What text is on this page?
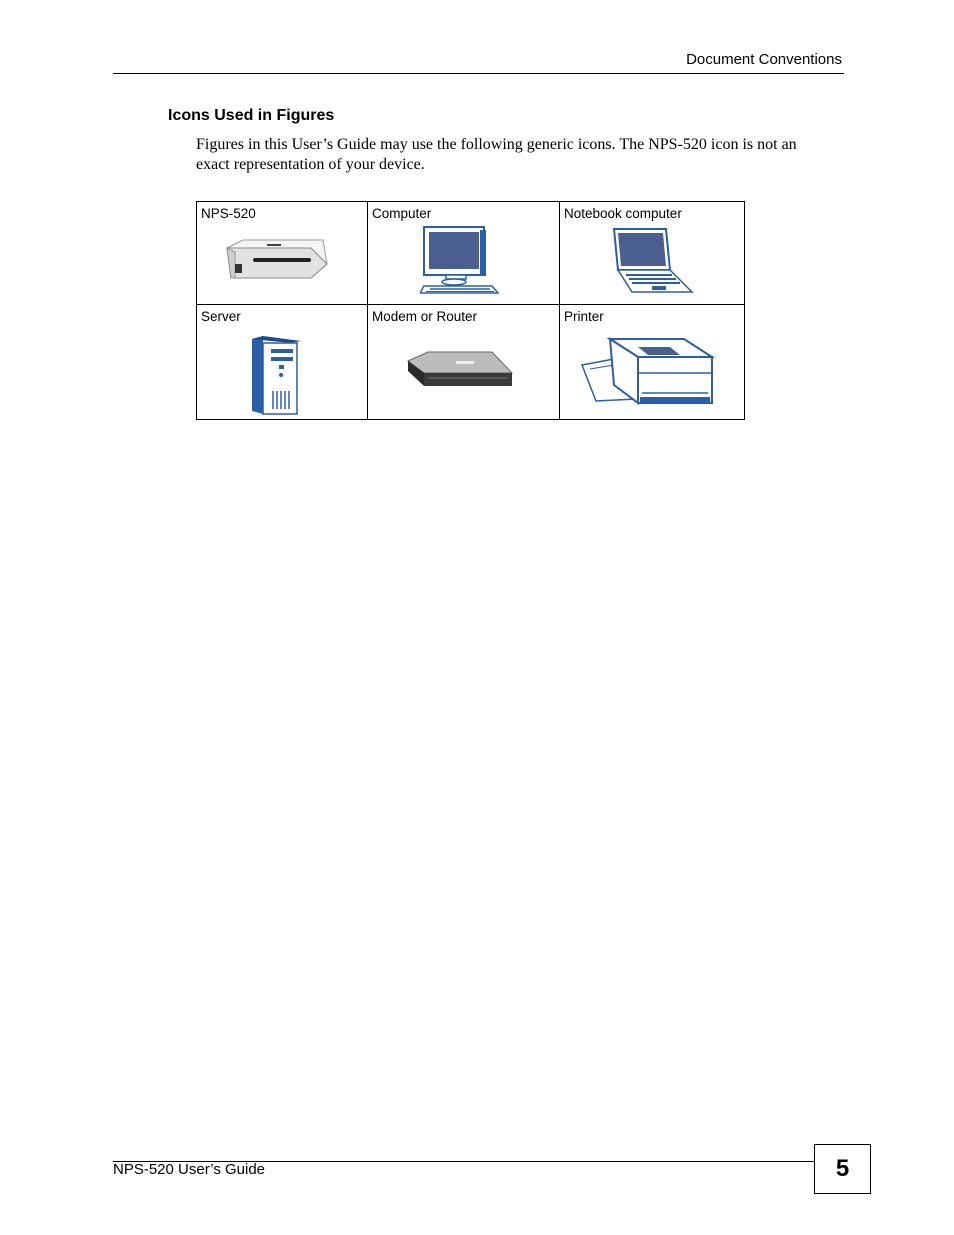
Document Conventions
Icons Used in Figures
Figures in this User’s Guide may use the following generic icons. The NPS-520 icon is not an
exact representation of your device.
NPS-520	Computer	Notebook computer

Server	Modem or Router	Printer
NPS-520 User’s Guide	5
